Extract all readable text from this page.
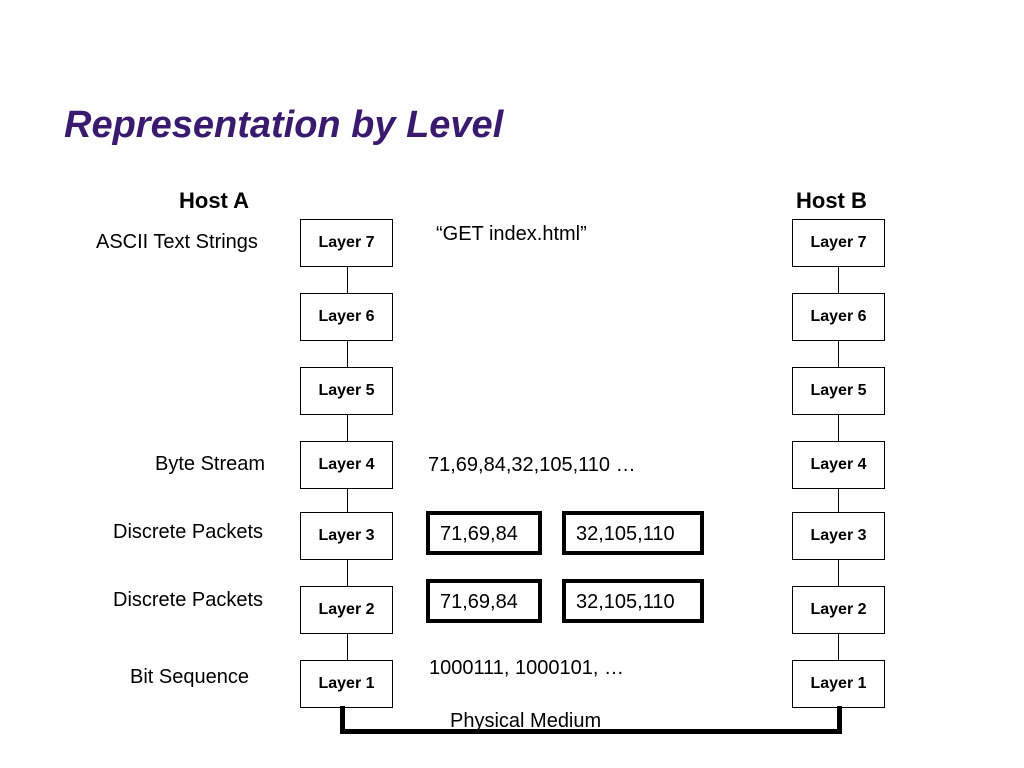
Representation by Level
Host A	Host B
Layer 7
Layer 6
Layer 5
Layer 4
Layer 3
Layer 2
Layer 1
Layer 7
Layer 6
Layer 5
Layer 4
Layer 3
Layer 2
Layer 1
ASCII Text Strings
Byte Stream
Discrete Packets
Discrete Packets
Bit Sequence
“GET index.html”
71,69,84,32,105,110 …
71,69,84	32,105,110
71,69,84	32,105,110
1000111, 1000101, …
Physical Medium
